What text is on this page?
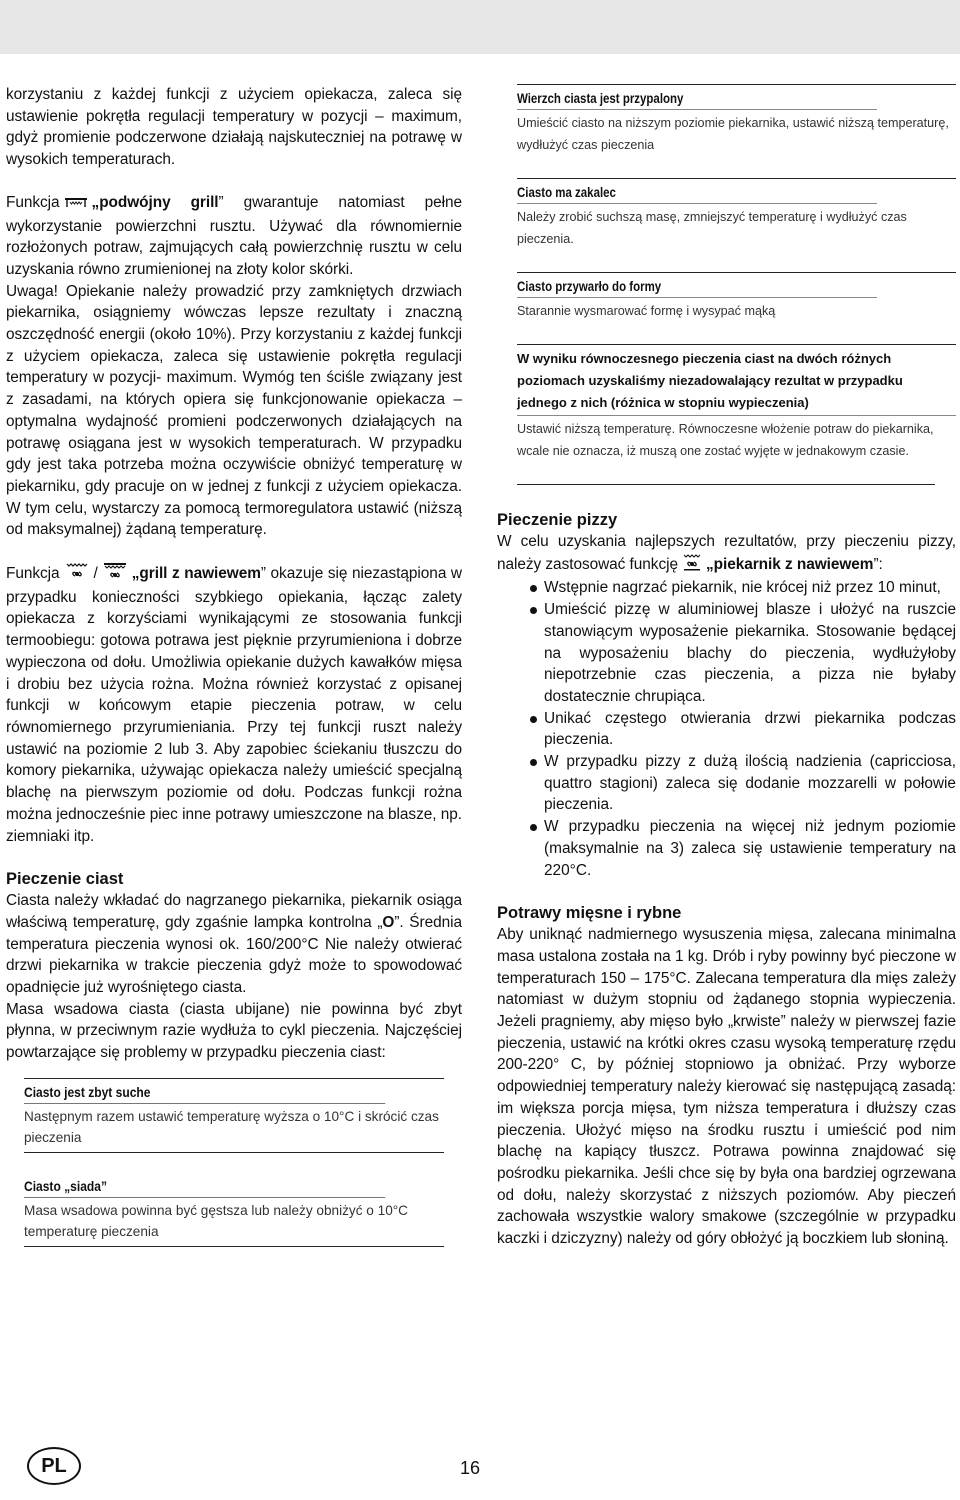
korzystaniu z każdej funkcji z użyciem opiekacza, zaleca się ustawienie pokrętła regulacji temperatury w pozycji – maximum, gdyż promienie podczerwone działają najskuteczniej na potrawę w wysokich temperaturach.

Funkcja „podwójny grill” gwarantuje natomiast pełne wykorzystanie powierzchni rusztu. Używać dla równomiernie rozłożonych potraw, zajmujących całą powierzchnię rusztu w celu uzyskania równo zrumienionej na złoty kolor skórki.

Uwaga! Opiekanie należy prowadzić przy zamkniętych drzwiach piekarnika, osiągniemy wówczas lepsze rezultaty i znaczną oszczędność energii (około 10%). Przy korzystaniu z każdej funkcji z użyciem opiekacza, zaleca się ustawienie pokrętła regulacji temperatury w pozycji- maximum. Wymóg ten ściśle związany jest z zasadami, na których opiera się funkcjonowanie opiekacza – optymalna wydajność promieni podczerwonych działających na potrawę osiągana jest w wysokich temperaturach. W przypadku gdy jest taka potrzeba można oczywiście obniżyć temperaturę w piekarniku, gdy pracuje on w jednej z funkcji z użyciem opiekacza. W tym celu, wystarczy za pomocą termoregulatora ustawić (niższą od maksymalnej) żądaną temperaturę.

Funkcja / „grill z nawiewem” okazuje się niezastąpiona w przypadku konieczności szybkiego opiekania, łącząc zalety opiekacza z korzyściami wynikającymi ze stosowania funkcji termoobiegu: gotowa potrawa jest pięknie przyrumieniona i dobrze wypieczona od dołu. Umożliwia opiekanie dużych kawałków mięsa i drobiu bez użycia rożna. Można również korzystać z opisanej funkcji w końcowym etapie pieczenia potraw, w celu równomiernego przyrumieniania. Przy tej funkcji ruszt należy ustawić na poziomie 2 lub 3. Aby zapobiec ściekaniu tłuszczu do komory piekarnika, używając opiekacza należy umieścić specjalną blachę na pierwszym poziomie od dołu. Podczas funkcji rożna można jednocześnie piec inne potrawy umieszczone na blasze, np. ziemniaki itp.

Pieczenie ciast

Ciasta należy wkładać do nagrzanego piekarnika, piekarnik osiąga właściwą temperaturę, gdy zgaśnie lampka kontrolna „O”. Średnia temperatura pieczenia wynosi ok. 160/200°C Nie należy otwierać drzwi piekarnika w trakcie pieczenia gdyż może to spowodować opadnięcie już wyrośniętego ciasta.

Masa wsadowa ciasta (ciasta ubijane) nie powinna być zbyt płynna, w przeciwnym razie wydłuża to cykl pieczenia. Najczęściej powtarzające się problemy w przypadku pieczenia ciast:

Ciasto jest zbyt suche
Następnym razem ustawić temperaturę wyższa o 10°C i skrócić czas pieczenia
Ciasto „siada”
Masa wsadowa powinna być gęstsza lub należy obniżyć o 10°C temperaturę pieczenia
Wierzch ciasta jest przypalony
Umieścić ciasto na niższym poziomie piekarnika, ustawić niższą temperaturę, wydłużyć czas pieczenia
Ciasto ma zakalec
Należy zrobić suchszą masę, zmniejszyć temperaturę i wydłużyć czas pieczenia.
Ciasto przywarło do formy
Starannie wysmarować formę i wysypać mąką
W wyniku równoczesnego pieczenia ciast na dwóch różnych poziomach uzyskaliśmy niezadowalający rezultat w przypadku jednego z nich (różnica w stopniu wypieczenia)
Ustawić niższą temperaturę. Równoczesne włożenie potraw do piekarnika, wcale nie oznacza, iż muszą one zostać wyjęte w jednakowym czasie.
Pieczenie pizzy

W celu uzyskania najlepszych rezultatów, przy pieczeniu pizzy, należy zastosować funkcję „piekarnik z nawiewem”:

Wstępnie nagrzać piekarnik, nie krócej niż przez 10 minut,
Umieścić pizzę w aluminiowej blasze i ułożyć na ruszcie stanowiącym wyposażenie piekarnika. Stosowanie będącej na wyposażeniu blachy do pieczenia, wydłużyłoby niepotrzebnie czas pieczenia, a pizza nie byłaby dostatecznie chrupiąca.
Unikać częstego otwierania drzwi piekarnika podczas pieczenia.
W przypadku pizzy z dużą ilością nadzienia (capricciosa, quattro stagioni) zaleca się dodanie mozzarelli w połowie pieczenia.
W przypadku pieczenia na więcej niż jednym poziomie (maksymalnie na 3) zaleca się ustawienie temperatury na 220°C.
Potrawy mięsne i rybne

Aby uniknąć nadmiernego wysuszenia mięsa, zalecana minimalna masa ustalona została na 1 kg. Drób i ryby powinny być pieczone w temperaturach 150 – 175°C. Zalecana temperatura dla mięs zależy natomiast w dużym stopniu od żądanego stopnia wypieczenia. Jeżeli pragniemy, aby mięso było „krwiste” należy w pierwszej fazie pieczenia, ustawić na krótki okres czasu wysoką temperaturę rzędu 200-220° C, by później stopniowo ja obniżać. Przy wyborze odpowiedniej temperatury należy kierować się następującą zasadą: im większa porcja mięsa, tym niższa temperatura i dłuższy czas pieczenia. Ułożyć mięso na środku rusztu i umieścić pod nim blachę na kapiący tłuszcz. Potrawa powinna znajdować się pośrodku piekarnika. Jeśli chce się by była ona bardziej ogrzewana od dołu, należy skorzystać z niższych poziomów. Aby pieczeń zachowała wszystkie walory smakowe (szczególnie w przypadku kaczki i dziczyzny) należy od góry obłożyć ją boczkiem lub słoniną.

PL	16
